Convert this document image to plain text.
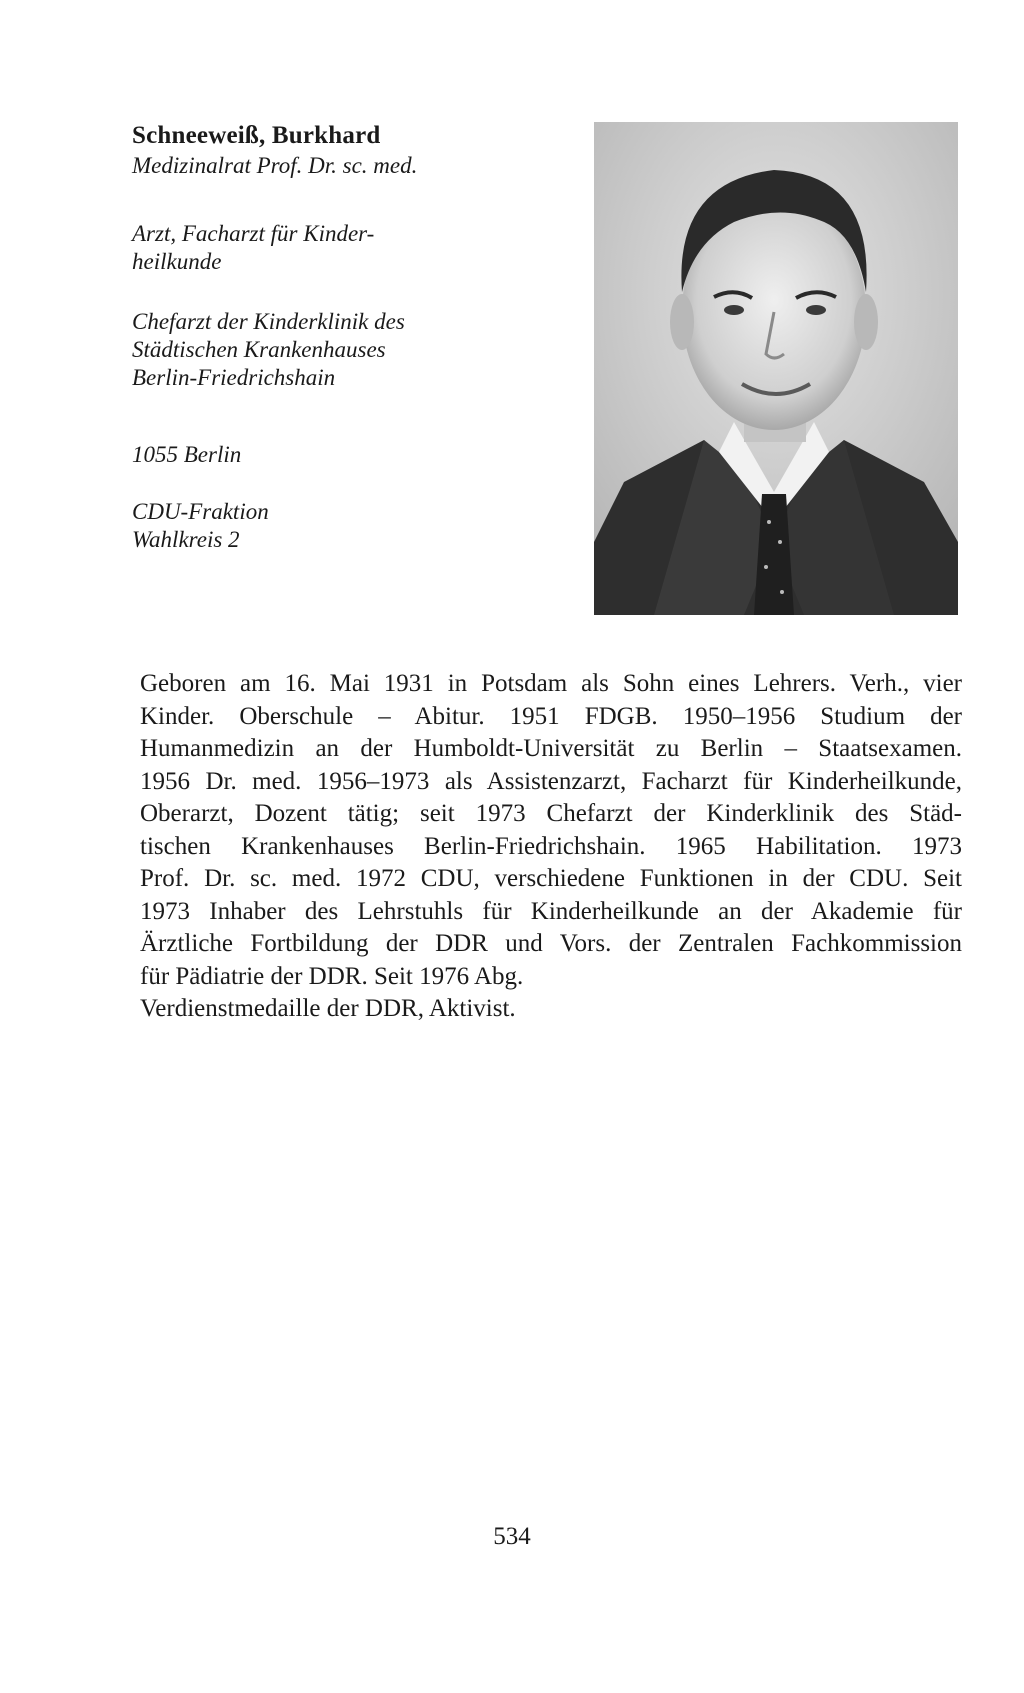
Schneeweiß, Burkhard
Medizinalrat Prof. Dr. sc. med.
Arzt, Facharzt für Kinder-
heilkunde
Chefarzt der Kinderklinik des
Städtischen Krankenhauses
Berlin-Friedrichshain
1055 Berlin
CDU-Fraktion
Wahlkreis 2
Geboren am 16. Mai 1931 in Potsdam als Sohn eines Lehrers. Verh., vier
Kinder. Oberschule – Abitur. 1951 FDGB. 1950–1956 Studium der
Humanmedizin an der Humboldt-Universität zu Berlin – Staatsexamen.
1956 Dr. med. 1956–1973 als Assistenzarzt, Facharzt für Kinderheilkunde,
Oberarzt, Dozent tätig; seit 1973 Chefarzt der Kinderklinik des Städ-
tischen Krankenhauses Berlin-Friedrichshain. 1965 Habilitation. 1973
Prof. Dr. sc. med. 1972 CDU, verschiedene Funktionen in der CDU. Seit
1973 Inhaber des Lehrstuhls für Kinderheilkunde an der Akademie für
Ärztliche Fortbildung der DDR und Vors. der Zentralen Fachkommission
für Pädiatrie der DDR. Seit 1976 Abg.
Verdienstmedaille der DDR, Aktivist.
534
